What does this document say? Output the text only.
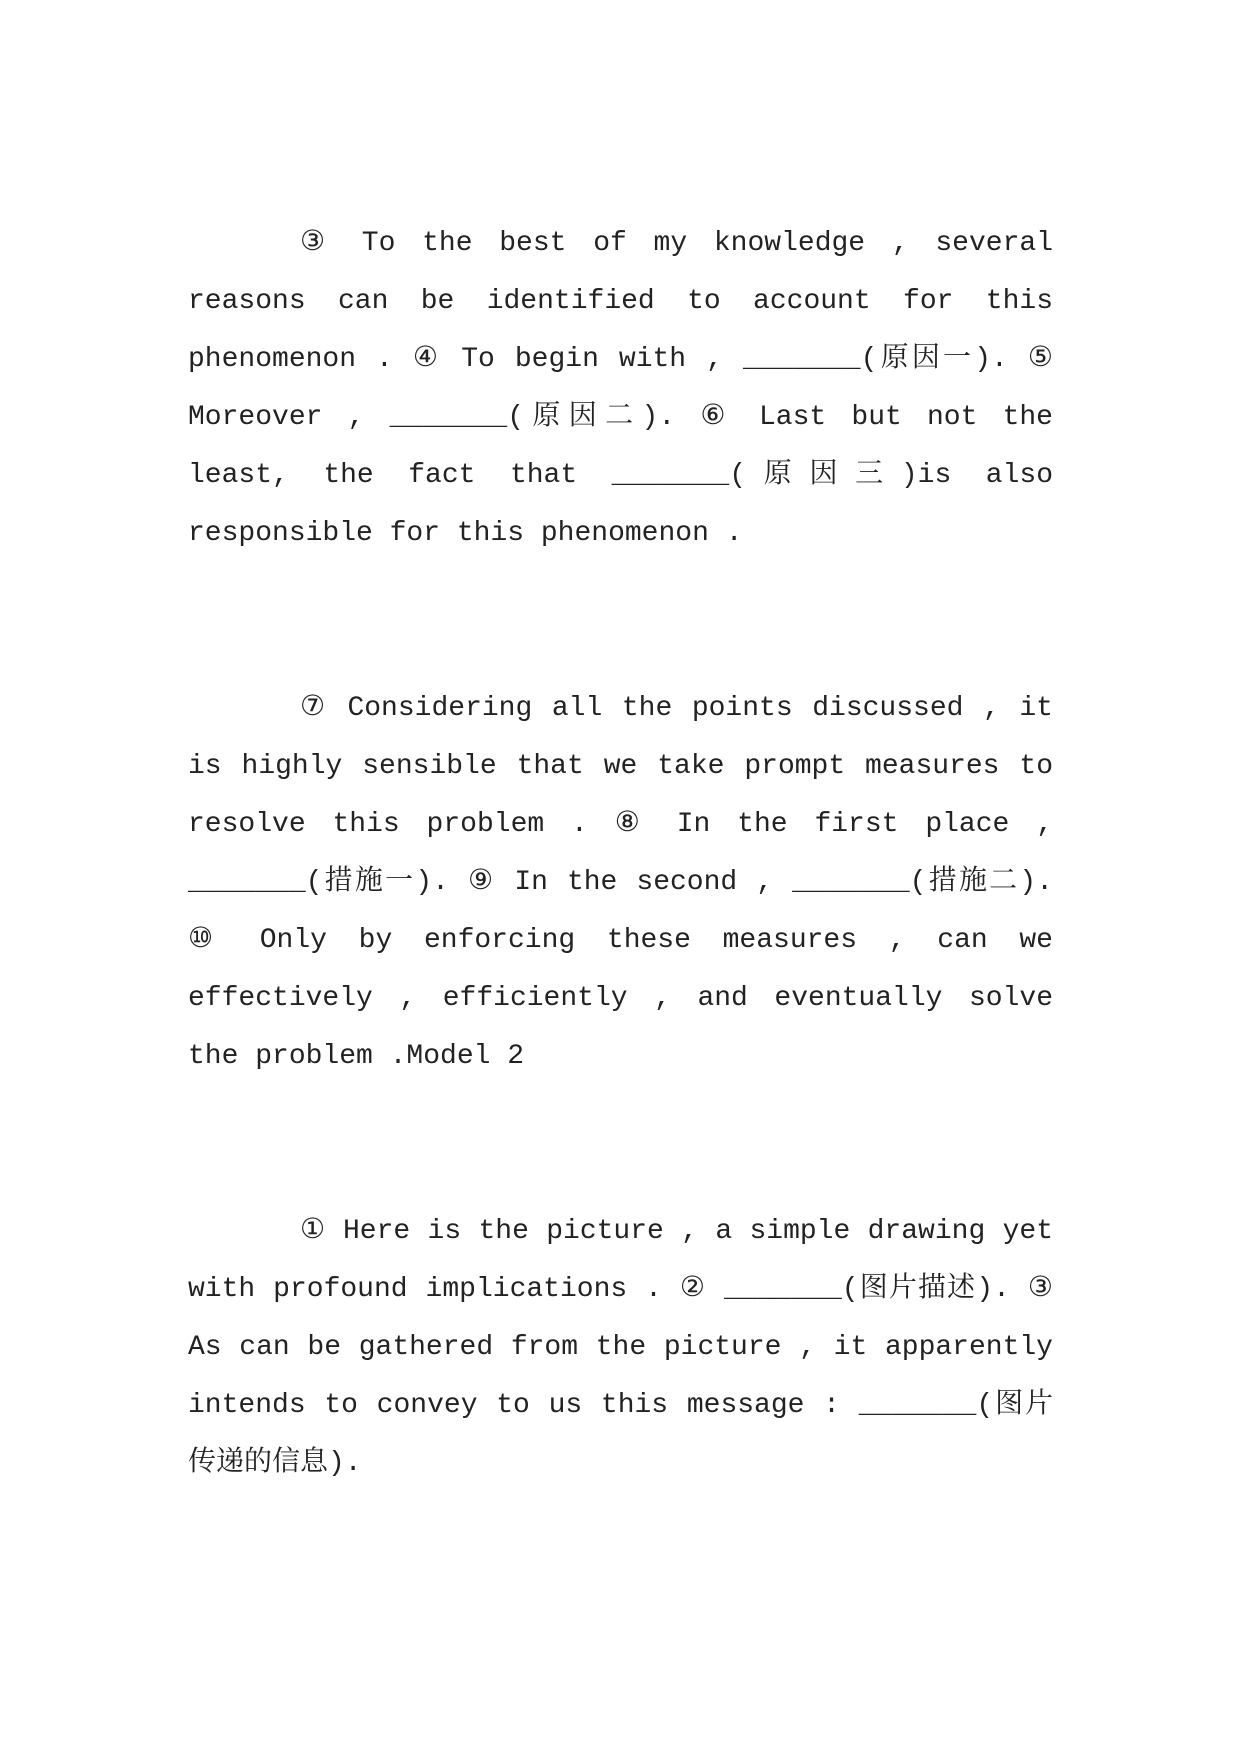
③ To the best of my knowledge , several reasons can be identified to account for this phenomenon . ④ To begin with , _______(原因一). ⑤ Moreover , _______(原因二). ⑥ Last but not the least, the fact that _______(原因三)is also responsible for this phenomenon .

⑦ Considering all the points discussed , it is highly sensible that we take prompt measures to resolve this problem . ⑧ In the first place , _______(措施一). ⑨ In the second , _______(措施二). ⑩ Only by enforcing these measures , can we effectively , efficiently , and eventually solve the problem .Model 2

① Here is the picture , a simple drawing yet with profound implications . ② _______(图片描述). ③ As can be gathered from the picture , it apparently intends to convey to us this message : _______(图片传递的信息).
